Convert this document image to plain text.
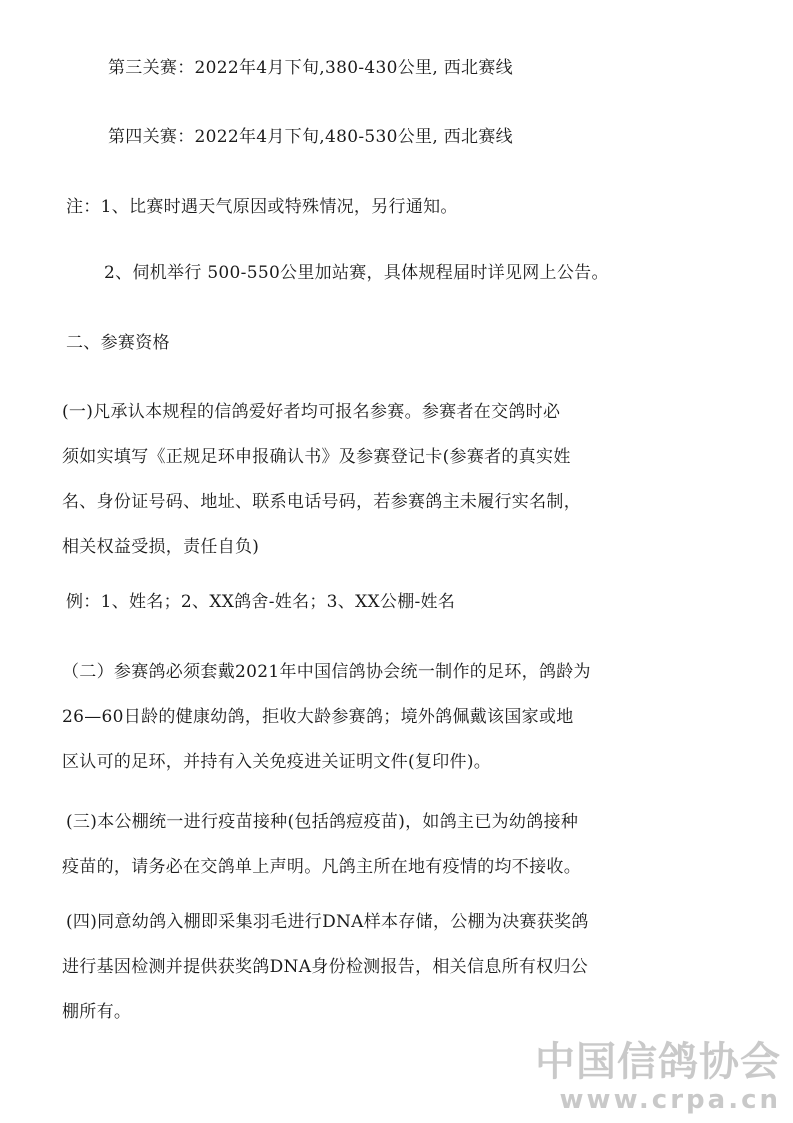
第三关赛：2022年4月下旬,380-430公里, 西北赛线
第四关赛：2022年4月下旬,480-530公里, 西北赛线
注：1、比赛时遇天气原因或特殊情况，另行通知。
2、伺机举行 500-550公里加站赛，具体规程届时详见网上公告。
二、参赛资格
(一)凡承认本规程的信鸽爱好者均可报名参赛。参赛者在交鸽时必
须如实填写《正规足环申报确认书》及参赛登记卡(参赛者的真实姓
名、身份证号码、地址、联系电话号码，若参赛鸽主未履行实名制，
相关权益受损，责任自负)
例：1、姓名；2、XX鸽舍-姓名；3、XX公棚-姓名
（二）参赛鸽必须套戴2021年中国信鸽协会统一制作的足环，鸽龄为
26—60日龄的健康幼鸽，拒收大龄参赛鸽；境外鸽佩戴该国家或地
区认可的足环，并持有入关免疫进关证明文件(复印件)。
(三)本公棚统一进行疫苗接种(包括鸽痘疫苗)，如鸽主已为幼鸽接种
疫苗的，请务必在交鸽单上声明。凡鸽主所在地有疫情的均不接收。
(四)同意幼鸽入棚即采集羽毛进行DNA样本存储，公棚为决赛获奖鸽
进行基因检测并提供获奖鸽DNA身份检测报告，相关信息所有权归公
棚所有。
中国信鸽协会
www.crpa.cn
